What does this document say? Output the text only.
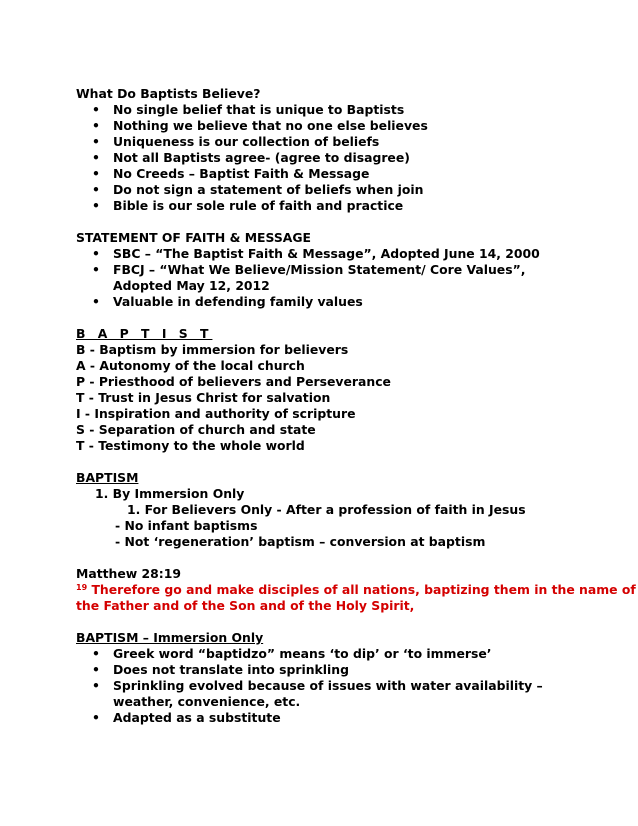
What Do Baptists Believe?
• No single belief that is unique to Baptists
• Nothing we believe that no one else believes
• Uniqueness is our collection of beliefs
• Not all Baptists agree- (agree to disagree)
• No Creeds – Baptist Faith & Message
• Do not sign a statement of beliefs when join
• Bible is our sole rule of faith and practice
STATEMENT OF FAITH & MESSAGE
• SBC – “The Baptist Faith & Message”, Adopted June 14, 2000
• FBCJ – “What We Believe/Mission Statement/ Core Values”, Adopted May 12, 2012
• Valuable in defending family values
B A P T I S T
B - Baptism by immersion for believers
A - Autonomy of the local church
P - Priesthood of believers and Perseverance
T - Trust in Jesus Christ for salvation
I - Inspiration and authority of scripture
S - Separation of church and state
T - Testimony to the whole world
BAPTISM
1. By Immersion Only
1. For Believers Only - After a profession of faith in Jesus
- No infant baptisms
- Not ‘regeneration’ baptism – conversion at baptism
Matthew 28:19
$^{19}$ Therefore go and make disciples of all nations, baptizing them in the name of
the Father and of the Son and of the Holy Spirit,
BAPTISM – Immersion Only
• Greek word “baptidzo” means ‘to dip’ or ‘to immerse’
• Does not translate into sprinkling
• Sprinkling evolved because of issues with water availability – weather, convenience, etc.
• Adapted as a substitute
